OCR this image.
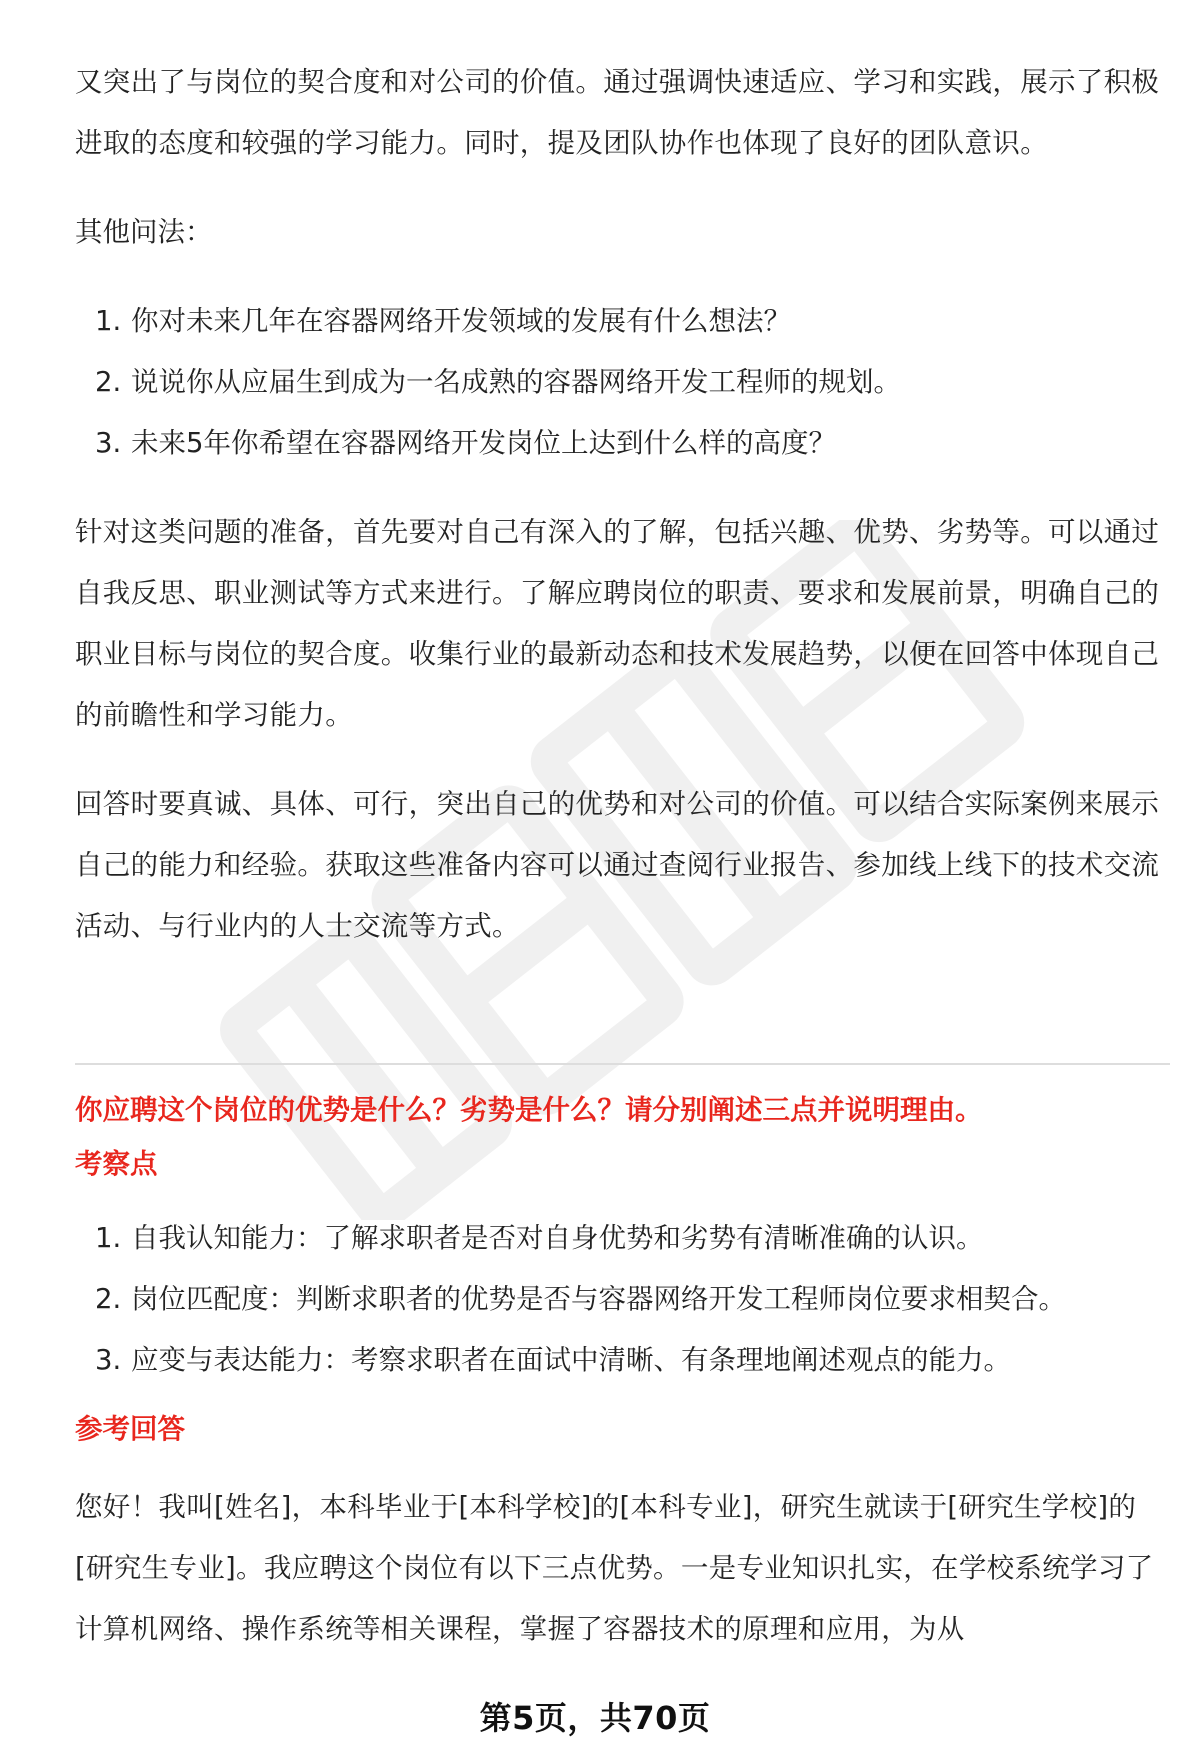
又突出了与岗位的契合度和对公司的价值。通过强调快速适应、学习和实践，展示了积极进取的态度和较强的学习能力。同时，提及团队协作也体现了良好的团队意识。

其他问法：

1. 你对未来几年在容器网络开发领域的发展有什么想法？
2. 说说你从应届生到成为一名成熟的容器网络开发工程师的规划。
3. 未来5年你希望在容器网络开发岗位上达到什么样的高度？

针对这类问题的准备，首先要对自己有深入的了解，包括兴趣、优势、劣势等。可以通过自我反思、职业测试等方式来进行。了解应聘岗位的职责、要求和发展前景，明确自己的职业目标与岗位的契合度。收集行业的最新动态和技术发展趋势，以便在回答中体现自己的前瞻性和学习能力。

回答时要真诚、具体、可行，突出自己的优势和对公司的价值。可以结合实际案例来展示自己的能力和经验。获取这些准备内容可以通过查阅行业报告、参加线上线下的技术交流活动、与行业内的人士交流等方式。

你应聘这个岗位的优势是什么？劣势是什么？请分别阐述三点并说明理由。

考察点

1. 自我认知能力：了解求职者是否对自身优势和劣势有清晰准确的认识。
2. 岗位匹配度：判断求职者的优势是否与容器网络开发工程师岗位要求相契合。
3. 应变与表达能力：考察求职者在面试中清晰、有条理地阐述观点的能力。

参考回答

您好！我叫[姓名]，本科毕业于[本科学校]的[本科专业]，研究生就读于[研究生学校]的[研究生专业]。我应聘这个岗位有以下三点优势。一是专业知识扎实，在学校系统学习了计算机网络、操作系统等相关课程，掌握了容器技术的原理和应用，为从

第5页，共70页
